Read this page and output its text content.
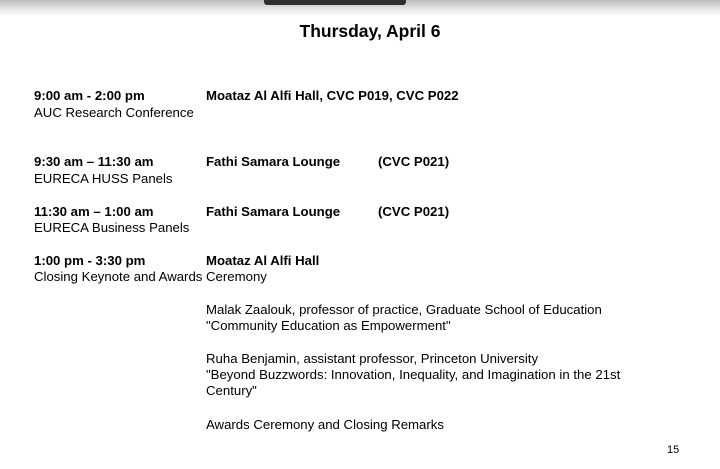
Thursday, April 6
9:00 am - 2:00 pm	Moataz Al Alfi Hall, CVC P019, CVC P022
AUC Research Conference
9:30 am – 11:30 am	Fathi Samara Lounge	(CVC P021)
EURECA HUSS Panels
11:30 am – 1:00 am	Fathi Samara Lounge	(CVC P021)
EURECA Business Panels
1:00 pm - 3:30 pm	Moataz Al Alfi Hall
Closing Keynote and Awards Ceremony
Malak Zaalouk, professor of practice, Graduate School of Education
"Community Education as Empowerment"
Ruha Benjamin, assistant professor, Princeton University
"Beyond Buzzwords: Innovation, Inequality, and Imagination in the 21st Century"
Awards Ceremony and Closing Remarks
15
